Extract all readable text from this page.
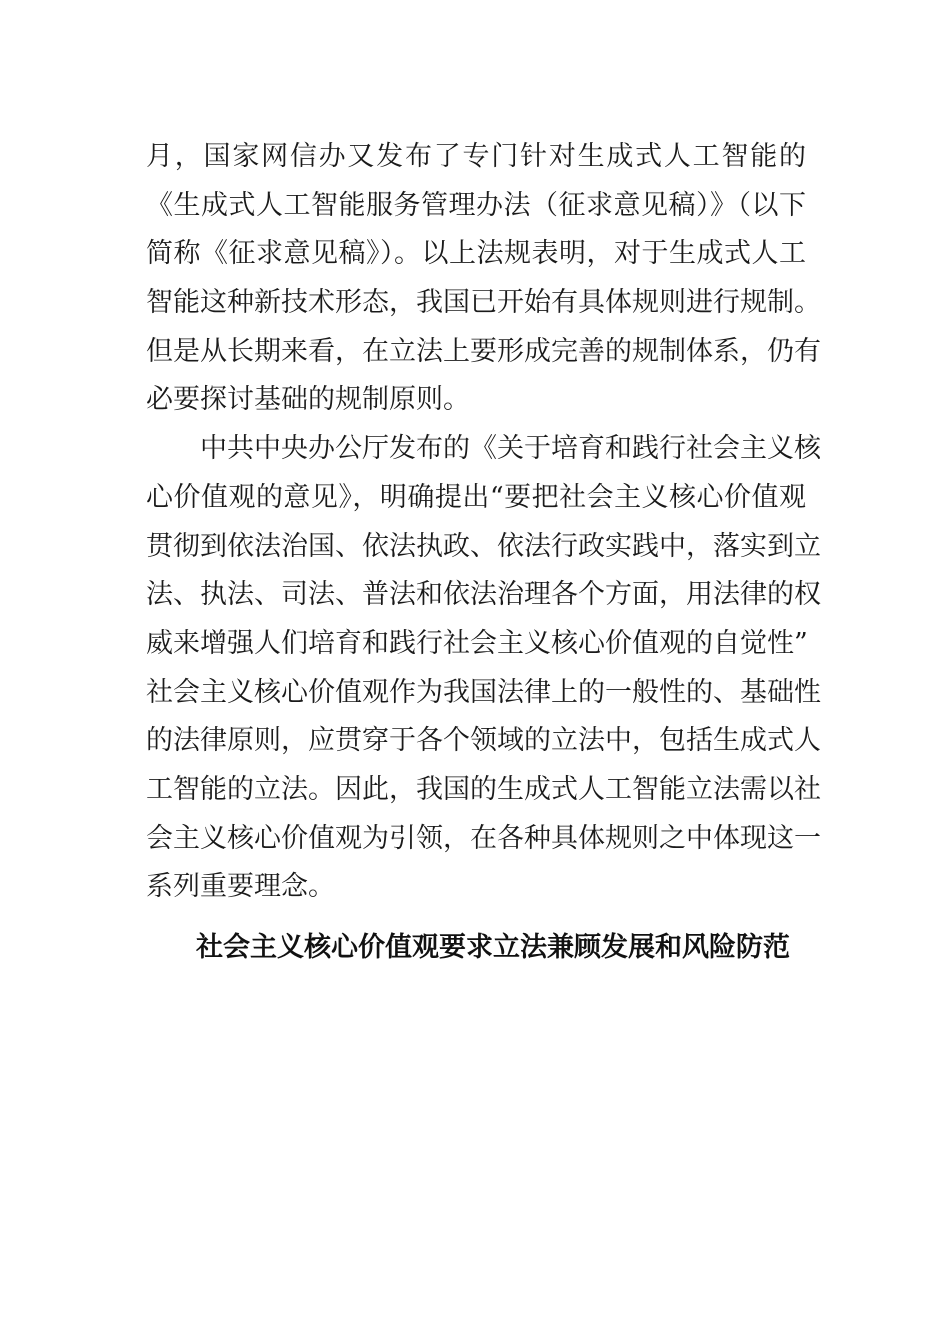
月，国家网信办又发布了专门针对生成式人工智能的
《生成式人工智能服务管理办法（征求意见稿）》（以下
简称《征求意见稿》）。以上法规表明，对于生成式人工
智能这种新技术形态，我国已开始有具体规则进行规制。
但是从长期来看，在立法上要形成完善的规制体系，仍有
必要探讨基础的规制原则。
中共中央办公厅发布的《关于培育和践行社会主义核
心价值观的意见》，明确提出“要把社会主义核心价值观
贯彻到依法治国、依法执政、依法行政实践中，落实到立
法、执法、司法、普法和依法治理各个方面，用法律的权
威来增强人们培育和践行社会主义核心价值观的自觉性”
社会主义核心价值观作为我国法律上的一般性的、基础性
的法律原则，应贯穿于各个领域的立法中，包括生成式人
工智能的立法。因此，我国的生成式人工智能立法需以社
会主义核心价值观为引领，在各种具体规则之中体现这一
系列重要理念。
社会主义核心价值观要求立法兼顾发展和风险防范
